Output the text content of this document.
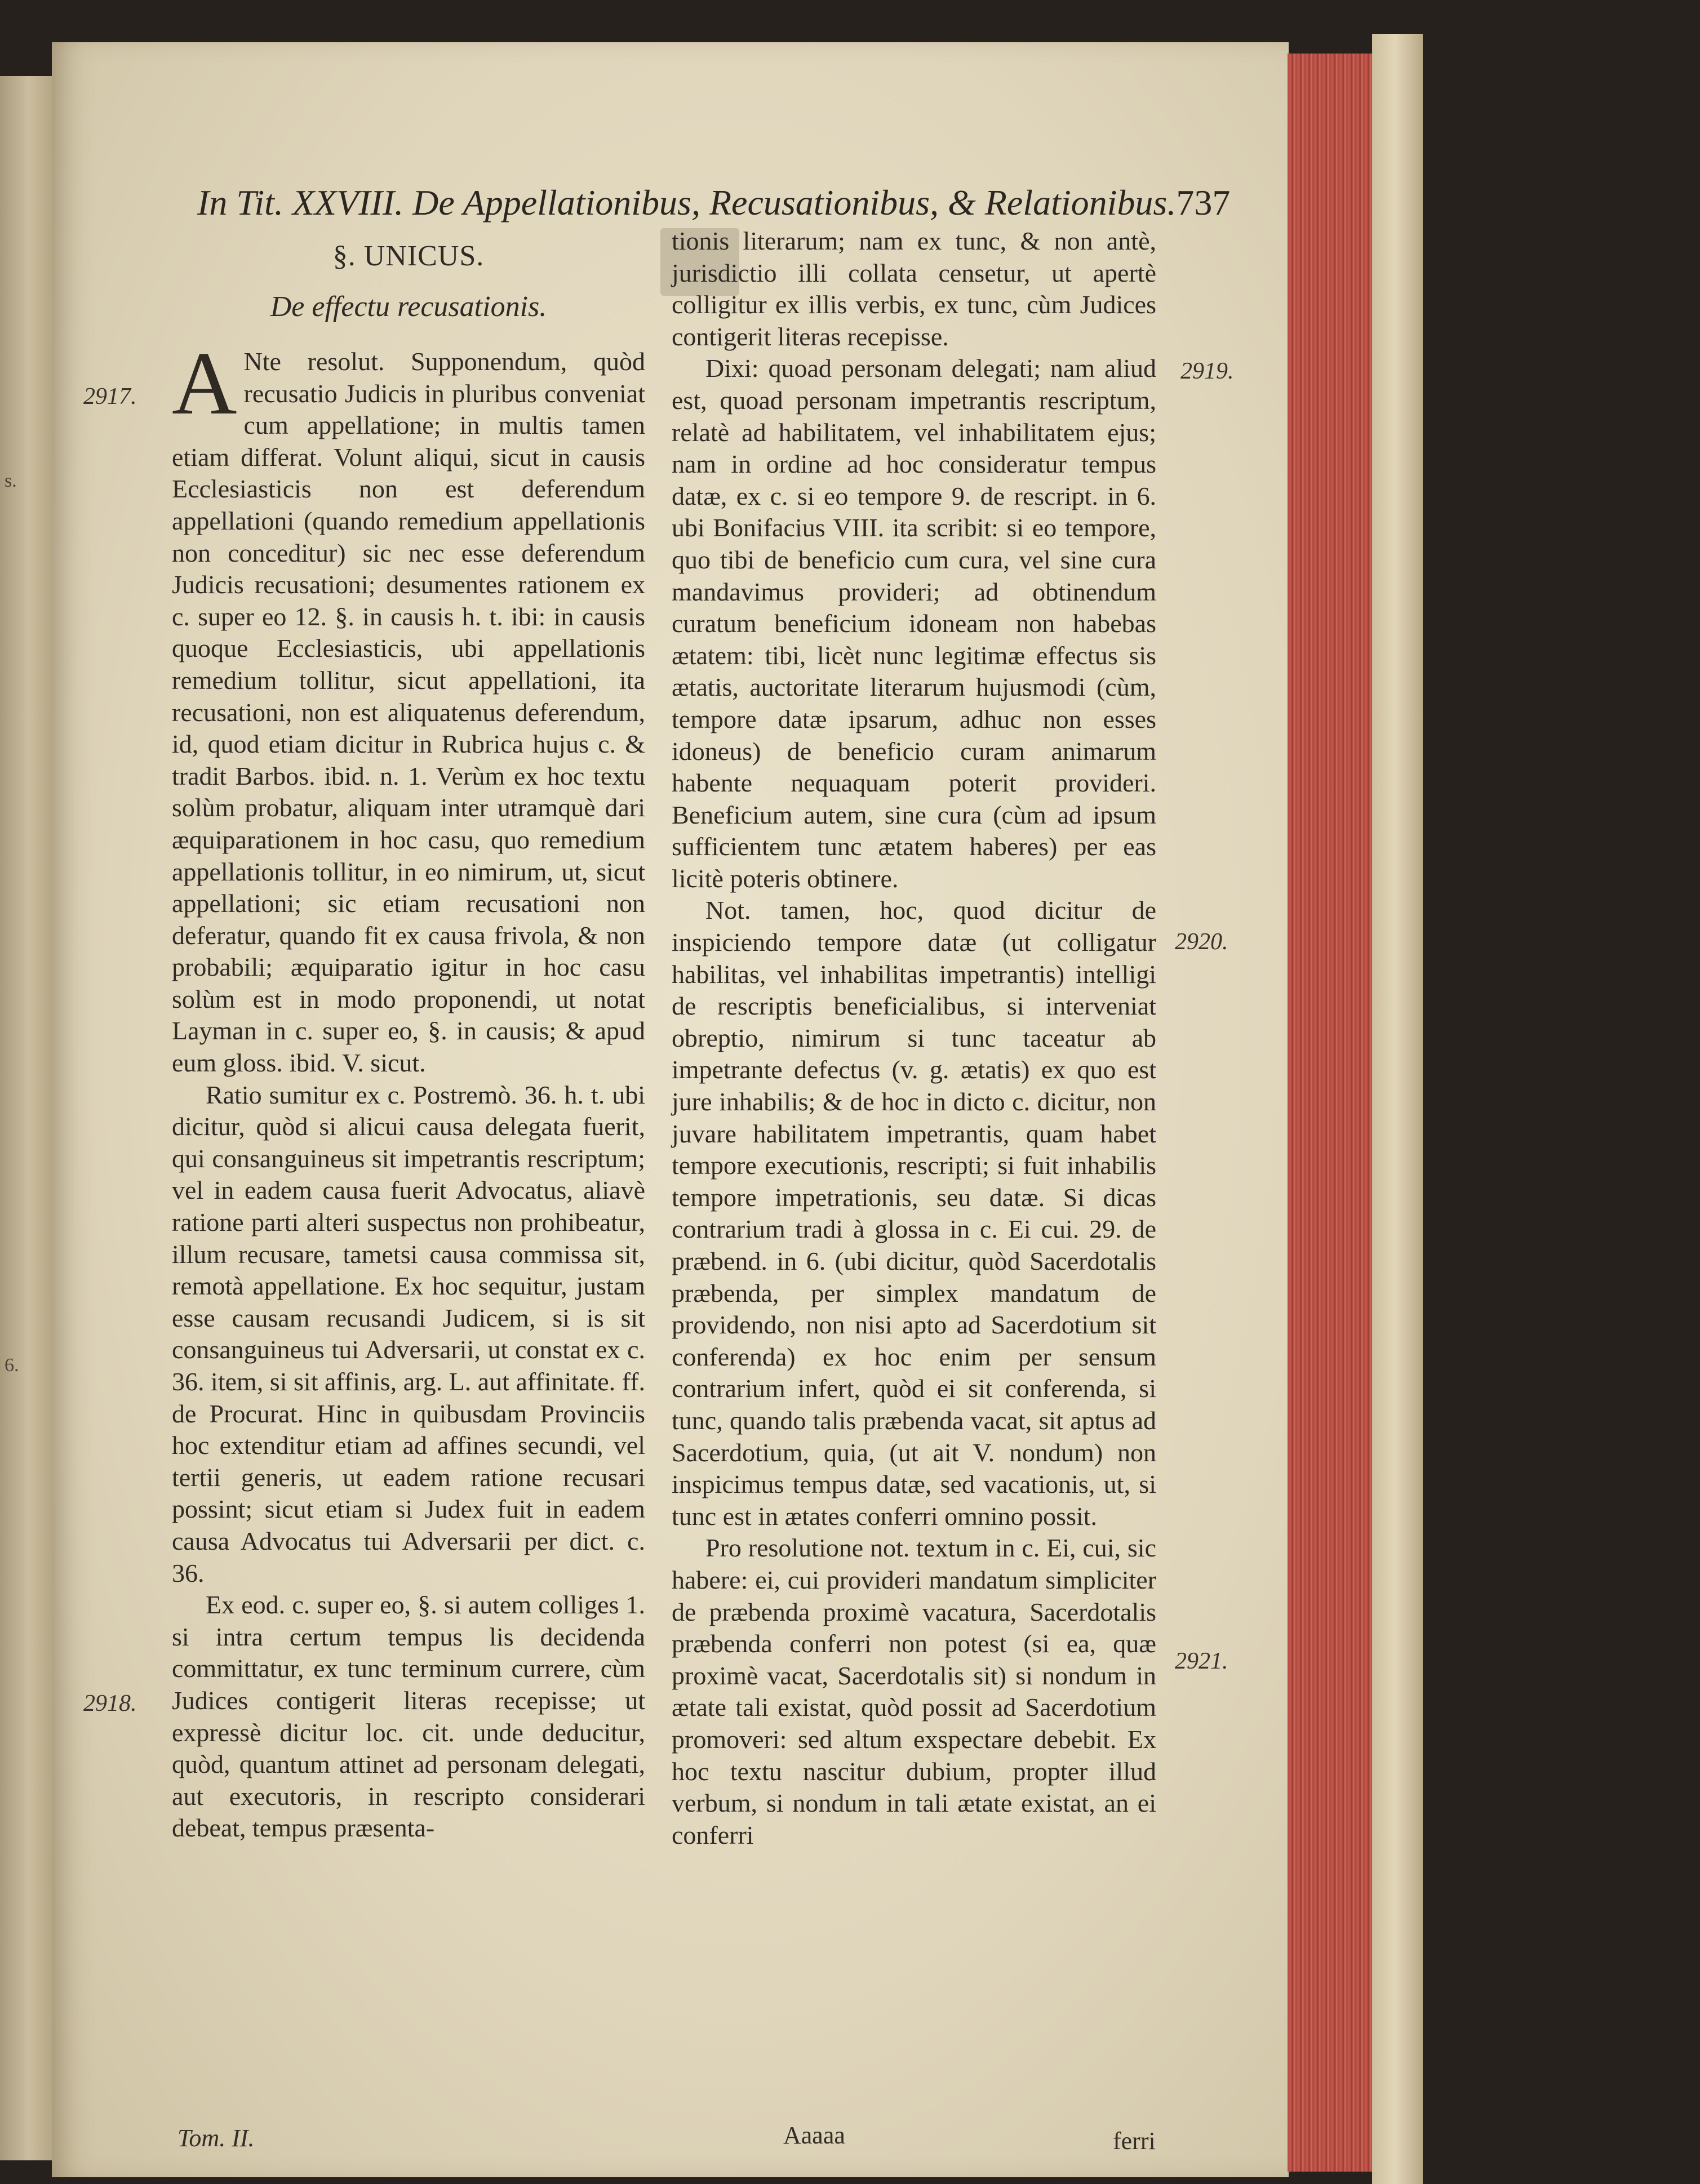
s.
6.
In Tit. XXVIII. De Appellationibus, Recusationibus, & Relationibus. 737

§. UNICUS.

De effectu recusationis.

A Nte resolut. Supponendum, quòd recusatio Judicis in pluribus conveniat cum appellatione; in multis tamen etiam differat. Volunt aliqui, sicut in causis Ecclesiasticis non est deferendum appellationi (quando remedium appellationis non conceditur) sic nec esse deferendum Judicis recusationi; desumentes rationem ex c. super eo 12. §. in causis h. t. ibi: in causis quoque Ecclesiasticis, ubi appellationis remedium tollitur, sicut appellationi, ita recusationi, non est aliquatenus deferendum, id, quod etiam dicitur in Rubrica hujus c. & tradit Barbos. ibid. n. 1. Verùm ex hoc textu solùm probatur, aliquam inter utramquè dari æquiparationem in hoc casu, quo remedium appellationis tollitur, in eo nimirum, ut, sicut appellationi; sic etiam recusationi non deferatur, quando fit ex causa frivola, & non probabili; æquiparatio igitur in hoc casu solùm est in modo proponendi, ut notat Layman in c. super eo, §. in causis; & apud eum gloss. ibid. V. sicut.

Ratio sumitur ex c. Postremò. 36. h. t. ubi dicitur, quòd si alicui causa delegata fuerit, qui consanguineus sit impetrantis rescriptum; vel in eadem causa fuerit Advocatus, aliavè ratione parti alteri suspectus non prohibeatur, illum recusare, tametsi causa commissa sit, remotà appellatione. Ex hoc sequitur, justam esse causam recusandi Judicem, si is sit consanguineus tui Adversarii, ut constat ex c. 36. item, si sit affinis, arg. L. aut affinitate. ff. de Procurat. Hinc in quibusdam Provinciis hoc extenditur etiam ad affines secundi, vel tertii generis, ut eadem ratione recusari possint; sicut etiam si Judex fuit in eadem causa Advocatus tui Adversarii per dict. c. 36.

Ex eod. c. super eo, §. si autem colliges 1. si intra certum tempus lis decidenda committatur, ex tunc terminum currere, cùm Judices contigerit literas recepisse; ut expressè dicitur loc. cit. unde deducitur, quòd, quantum attinet ad personam delegati, aut executoris, in rescripto considerari debeat, tempus præsenta-

tionis literarum; nam ex tunc, & non antè, jurisdictio illi collata censetur, ut apertè colligitur ex illis verbis, ex tunc, cùm Judices contigerit literas recepisse.

Dixi: quoad personam delegati; nam aliud est, quoad personam impetrantis rescriptum, relatè ad habilitatem, vel inhabilitatem ejus; nam in ordine ad hoc consideratur tempus datæ, ex c. si eo tempore 9. de rescript. in 6. ubi Bonifacius VIII. ita scribit: si eo tempore, quo tibi de beneficio cum cura, vel sine cura mandavimus provideri; ad obtinendum curatum beneficium idoneam non habebas ætatem: tibi, licèt nunc legitimæ effectus sis ætatis, auctoritate literarum hujusmodi (cùm, tempore datæ ipsarum, adhuc non esses idoneus) de beneficio curam animarum habente nequaquam poterit provideri. Beneficium autem, sine cura (cùm ad ipsum sufficientem tunc ætatem haberes) per eas licitè poteris obtinere.

Not. tamen, hoc, quod dicitur de inspiciendo tempore datæ (ut colligatur habilitas, vel inhabilitas impetrantis) intelligi de rescriptis beneficialibus, si interveniat obreptio, nimirum si tunc taceatur ab impetrante defectus (v. g. ætatis) ex quo est jure inhabilis; & de hoc in dicto c. dicitur, non juvare habilitatem impetrantis, quam habet tempore executionis, rescripti; si fuit inhabilis tempore impetrationis, seu datæ. Si dicas contrarium tradi à glossa in c. Ei cui. 29. de præbend. in 6. (ubi dicitur, quòd Sacerdotalis præbenda, per simplex mandatum de providendo, non nisi apto ad Sacerdotium sit conferenda) ex hoc enim per sensum contrarium infert, quòd ei sit conferenda, si tunc, quando talis præbenda vacat, sit aptus ad Sacerdotium, quia, (ut ait V. nondum) non inspicimus tempus datæ, sed vacationis, ut, si tunc est in ætates conferri omnino possit.

Pro resolutione not. textum in c. Ei, cui, sic habere: ei, cui provideri mandatum simpliciter de præbenda proximè vacatura, Sacerdotalis præbenda conferri non potest (si ea, quæ proximè vacat, Sacerdotalis sit) si nondum in ætate tali existat, quòd possit ad Sacerdotium promoveri: sed altum exspectare debebit. Ex hoc textu nascitur dubium, propter illud verbum, si nondum in tali ætate existat, an ei conferri

2917.
2918.
2919.
2920.
2921.
Tom. II.	Aaaaa	ferri
